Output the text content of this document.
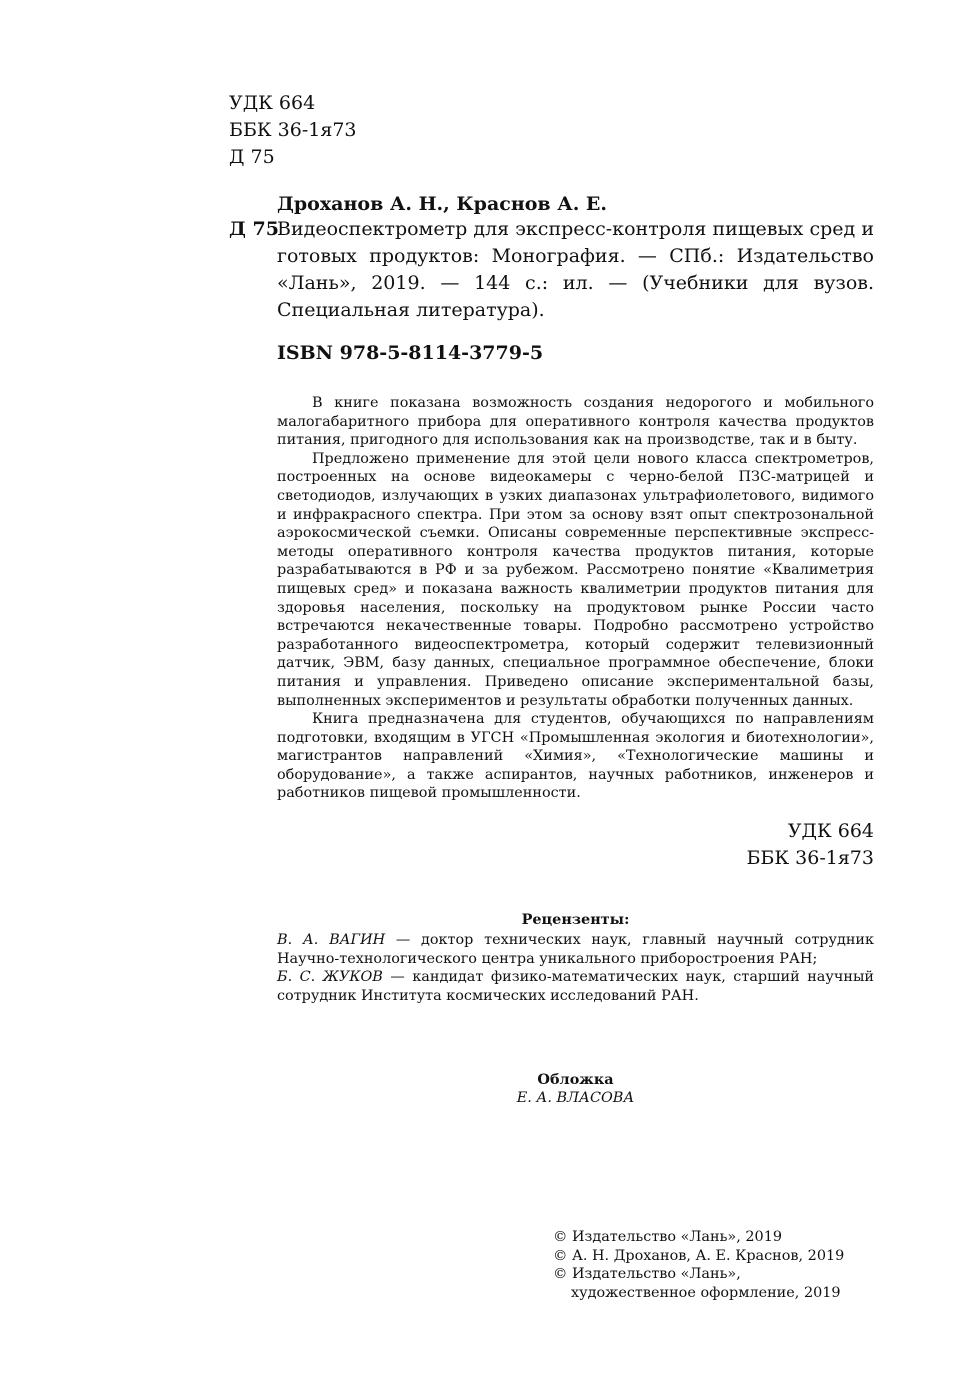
УДК 664
ББК 36-1я73
Д 75
Дроханов А. Н., Краснов А. Е.
Д 75
Видеоспектрометр для экспресс-контроля пищевых сред и готовых продуктов: Монография. — СПб.: Издательство «Лань», 2019. — 144 с.: ил. — (Учебники для вузов. Специальная литература).
ISBN 978-5-8114-3779-5

В книге показана возможность создания недорогого и мобильного малогабаритного прибора для оперативного контроля качества продуктов питания, пригодного для использования как на производстве, так и в быту.

Предложено применение для этой цели нового класса спектрометров, построенных на основе видеокамеры с черно-белой ПЗС-матрицей и светодиодов, излучающих в узких диапазонах ультрафиолетового, видимого и инфракрасного спектра. При этом за основу взят опыт спектрозональной аэрокосмической съемки. Описаны современные перспективные экспресс-методы оперативного контроля качества продуктов питания, которые разрабатываются в РФ и за рубежом. Рассмотрено понятие «Квалиметрия пищевых сред» и показана важность квалиметрии продуктов питания для здоровья населения, поскольку на продуктовом рынке России часто встречаются некачественные товары. Подробно рассмотрено устройство разработанного видеоспектрометра, который содержит телевизионный датчик, ЭВМ, базу данных, специальное программное обеспечение, блоки питания и управления. Приведено описание экспериментальной базы, выполненных экспериментов и результаты обработки полученных данных.

Книга предназначена для студентов, обучающихся по направлениям подготовки, входящим в УГСН «Промышленная экология и биотехнологии», магистрантов направлений «Химия», «Технологические машины и оборудование», а также аспирантов, научных работников, инженеров и работников пищевой промышленности.

УДК 664
ББК 36-1я73
Рецензенты:

В. А. ВАГИН — доктор технических наук, главный научный сотрудник Научно-технологического центра уникального приборостроения РАН;

Б. С. ЖУКОВ — кандидат физико-математических наук, старший научный сотрудник Института космических исследований РАН.

Обложка
Е. А. ВЛАСОВА
© Издательство «Лань», 2019
© А. Н. Дроханов, А. Е. Краснов, 2019
© Издательство «Лань»,
художественное оформление, 2019
